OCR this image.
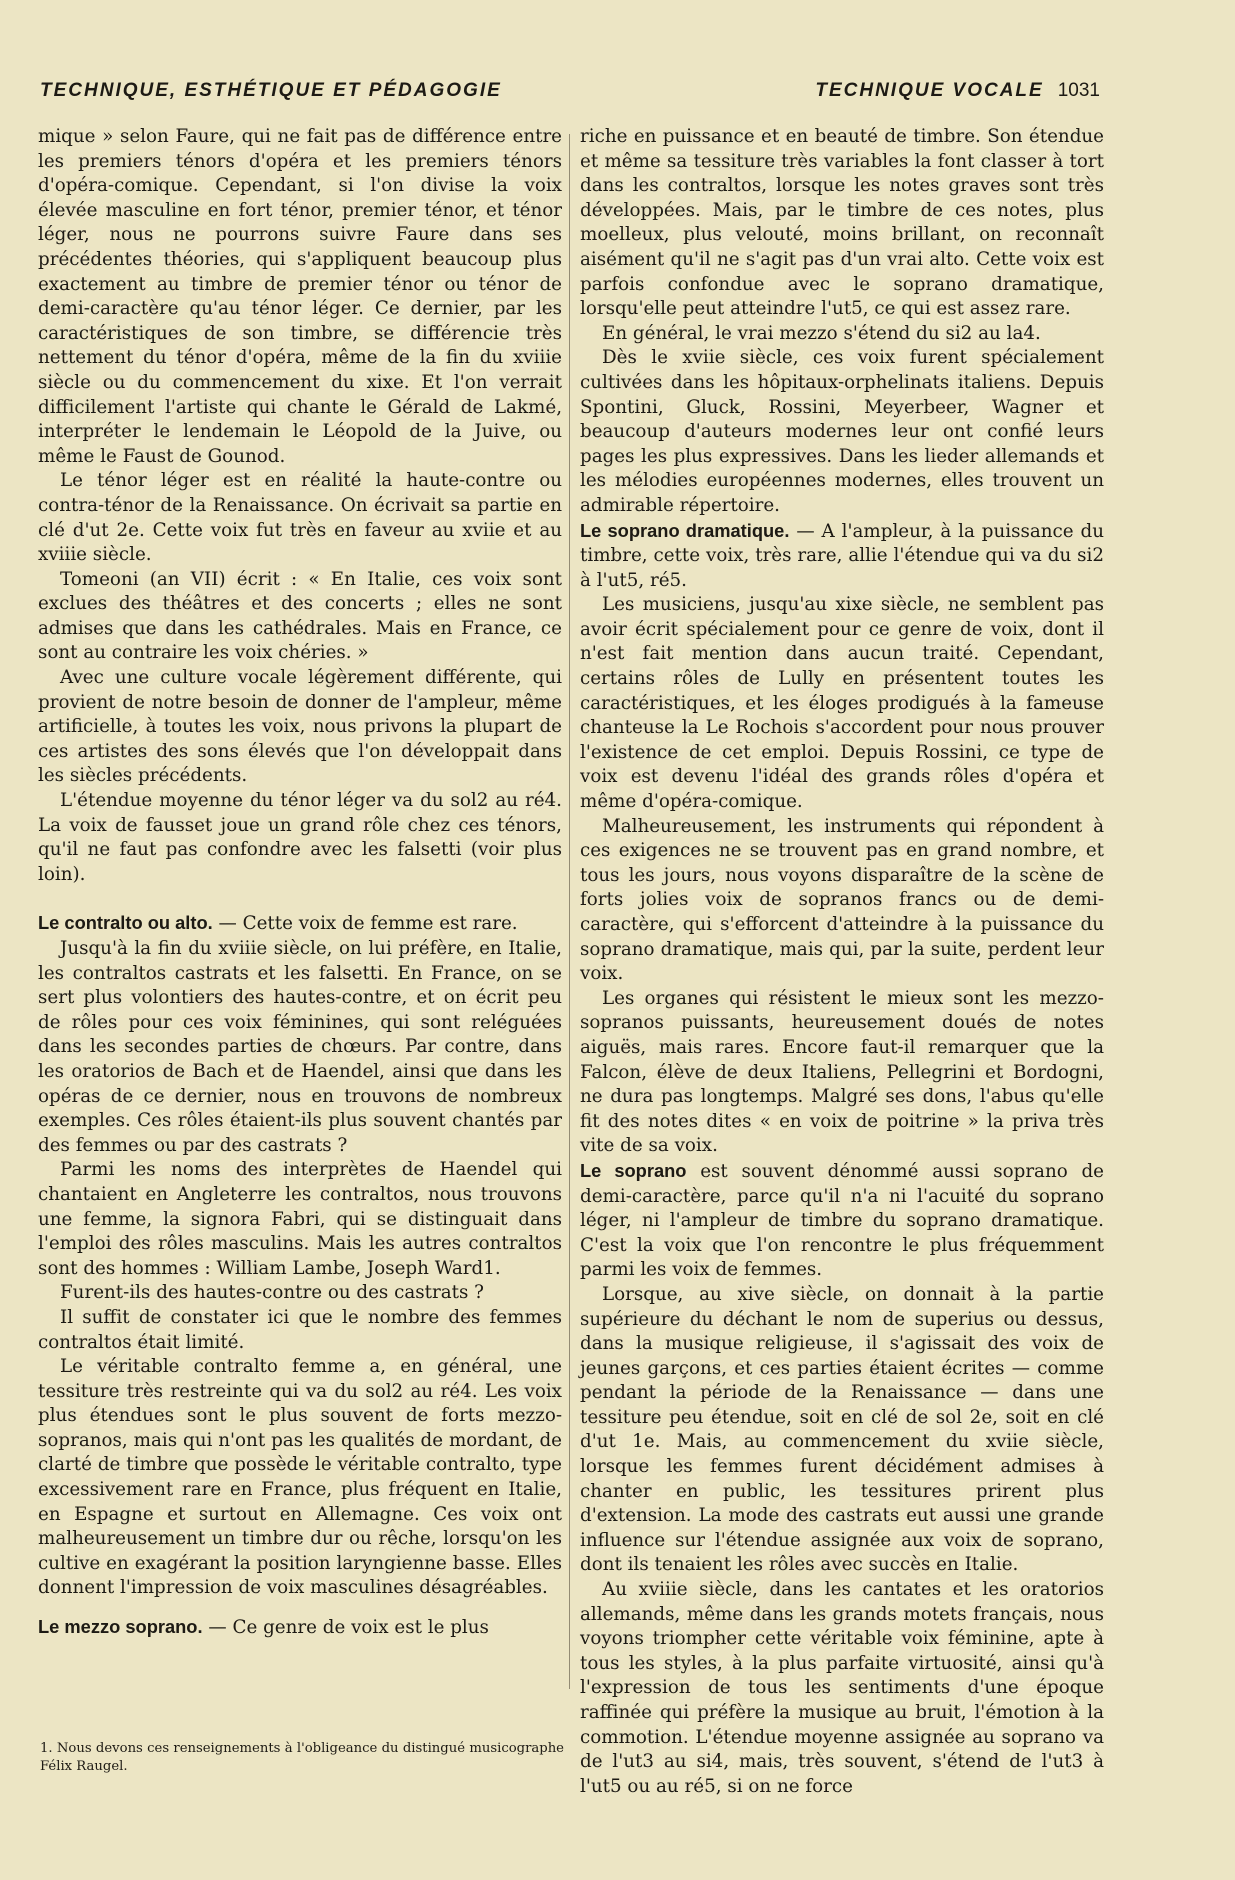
TECHNIQUE, ESTHÉTIQUE ET PÉDAGOGIE	TECHNIQUE VOCALE 1031

mique » selon Faure, qui ne fait pas de différence entre les premiers ténors d'opéra et les premiers ténors d'opéra-comique. Cependant, si l'on divise la voix élevée masculine en fort ténor, premier ténor, et ténor léger, nous ne pourrons suivre Faure dans ses précédentes théories, qui s'appliquent beaucoup plus exactement au timbre de premier ténor ou ténor de demi-caractère qu'au ténor léger. Ce dernier, par les caractéristiques de son timbre, se différencie très nettement du ténor d'opéra, même de la fin du xviiie siècle ou du commencement du xixe. Et l'on verrait difficilement l'artiste qui chante le Gérald de Lakmé, interpréter le lendemain le Léopold de la Juive, ou même le Faust de Gounod.

Le ténor léger est en réalité la haute-contre ou contra-ténor de la Renaissance. On écrivait sa partie en clé d'ut 2e. Cette voix fut très en faveur au xviie et au xviiie siècle.

Tomeoni (an VII) écrit : « En Italie, ces voix sont exclues des théâtres et des concerts ; elles ne sont admises que dans les cathédrales. Mais en France, ce sont au contraire les voix chéries. »

Avec une culture vocale légèrement différente, qui provient de notre besoin de donner de l'ampleur, même artificielle, à toutes les voix, nous privons la plupart de ces artistes des sons élevés que l'on développait dans les siècles précédents.

L'étendue moyenne du ténor léger va du sol2 au ré4. La voix de fausset joue un grand rôle chez ces ténors, qu'il ne faut pas confondre avec les falsetti (voir plus loin).

Le contralto ou alto. — Cette voix de femme est rare.

Jusqu'à la fin du xviiie siècle, on lui préfère, en Italie, les contraltos castrats et les falsetti. En France, on se sert plus volontiers des hautes-contre, et on écrit peu de rôles pour ces voix féminines, qui sont reléguées dans les secondes parties de chœurs. Par contre, dans les oratorios de Bach et de Haendel, ainsi que dans les opéras de ce dernier, nous en trouvons de nombreux exemples. Ces rôles étaient-ils plus souvent chantés par des femmes ou par des castrats ?

Parmi les noms des interprètes de Haendel qui chantaient en Angleterre les contraltos, nous trouvons une femme, la signora Fabri, qui se distinguait dans l'emploi des rôles masculins. Mais les autres contraltos sont des hommes : William Lambe, Joseph Ward1.

Furent-ils des hautes-contre ou des castrats ?

Il suffit de constater ici que le nombre des femmes contraltos était limité.

Le véritable contralto femme a, en général, une tessiture très restreinte qui va du sol2 au ré4. Les voix plus étendues sont le plus souvent de forts mezzo-sopranos, mais qui n'ont pas les qualités de mordant, de clarté de timbre que possède le véritable contralto, type excessivement rare en France, plus fréquent en Italie, en Espagne et surtout en Allemagne. Ces voix ont malheureusement un timbre dur ou rêche, lorsqu'on les cultive en exagérant la position laryngienne basse. Elles donnent l'impression de voix masculines désagréables.

Le mezzo soprano. — Ce genre de voix est le plus

riche en puissance et en beauté de timbre. Son étendue et même sa tessiture très variables la font classer à tort dans les contraltos, lorsque les notes graves sont très développées. Mais, par le timbre de ces notes, plus moelleux, plus velouté, moins brillant, on reconnaît aisément qu'il ne s'agit pas d'un vrai alto. Cette voix est parfois confondue avec le soprano dramatique, lorsqu'elle peut atteindre l'ut5, ce qui est assez rare.

En général, le vrai mezzo s'étend du si2 au la4.

Dès le xviie siècle, ces voix furent spécialement cultivées dans les hôpitaux-orphelinats italiens. Depuis Spontini, Gluck, Rossini, Meyerbeer, Wagner et beaucoup d'auteurs modernes leur ont confié leurs pages les plus expressives. Dans les lieder allemands et les mélodies européennes modernes, elles trouvent un admirable répertoire.

Le soprano dramatique. — A l'ampleur, à la puissance du timbre, cette voix, très rare, allie l'étendue qui va du si2 à l'ut5, ré5.

Les musiciens, jusqu'au xixe siècle, ne semblent pas avoir écrit spécialement pour ce genre de voix, dont il n'est fait mention dans aucun traité. Cependant, certains rôles de Lully en présentent toutes les caractéristiques, et les éloges prodigués à la fameuse chanteuse la Le Rochois s'accordent pour nous prouver l'existence de cet emploi. Depuis Rossini, ce type de voix est devenu l'idéal des grands rôles d'opéra et même d'opéra-comique.

Malheureusement, les instruments qui répondent à ces exigences ne se trouvent pas en grand nombre, et tous les jours, nous voyons disparaître de la scène de forts jolies voix de sopranos francs ou de demi-caractère, qui s'efforcent d'atteindre à la puissance du soprano dramatique, mais qui, par la suite, perdent leur voix.

Les organes qui résistent le mieux sont les mezzo-sopranos puissants, heureusement doués de notes aiguës, mais rares. Encore faut-il remarquer que la Falcon, élève de deux Italiens, Pellegrini et Bordogni, ne dura pas longtemps. Malgré ses dons, l'abus qu'elle fit des notes dites « en voix de poitrine » la priva très vite de sa voix.

Le soprano est souvent dénommé aussi soprano de demi-caractère, parce qu'il n'a ni l'acuité du soprano léger, ni l'ampleur de timbre du soprano dramatique. C'est la voix que l'on rencontre le plus fréquemment parmi les voix de femmes.

Lorsque, au xive siècle, on donnait à la partie supérieure du déchant le nom de superius ou dessus, dans la musique religieuse, il s'agissait des voix de jeunes garçons, et ces parties étaient écrites — comme pendant la période de la Renaissance — dans une tessiture peu étendue, soit en clé de sol 2e, soit en clé d'ut 1e. Mais, au commencement du xviie siècle, lorsque les femmes furent décidément admises à chanter en public, les tessitures prirent plus d'extension. La mode des castrats eut aussi une grande influence sur l'étendue assignée aux voix de soprano, dont ils tenaient les rôles avec succès en Italie.

Au xviiie siècle, dans les cantates et les oratorios allemands, même dans les grands motets français, nous voyons triompher cette véritable voix féminine, apte à tous les styles, à la plus parfaite virtuosité, ainsi qu'à l'expression de tous les sentiments d'une époque raffinée qui préfère la musique au bruit, l'émotion à la commotion. L'étendue moyenne assignée au soprano va de l'ut3 au si4, mais, très souvent, s'étend de l'ut3 à l'ut5 ou au ré5, si on ne force

1. Nous devons ces renseignements à l'obligeance du distingué musicographe Félix Raugel.
